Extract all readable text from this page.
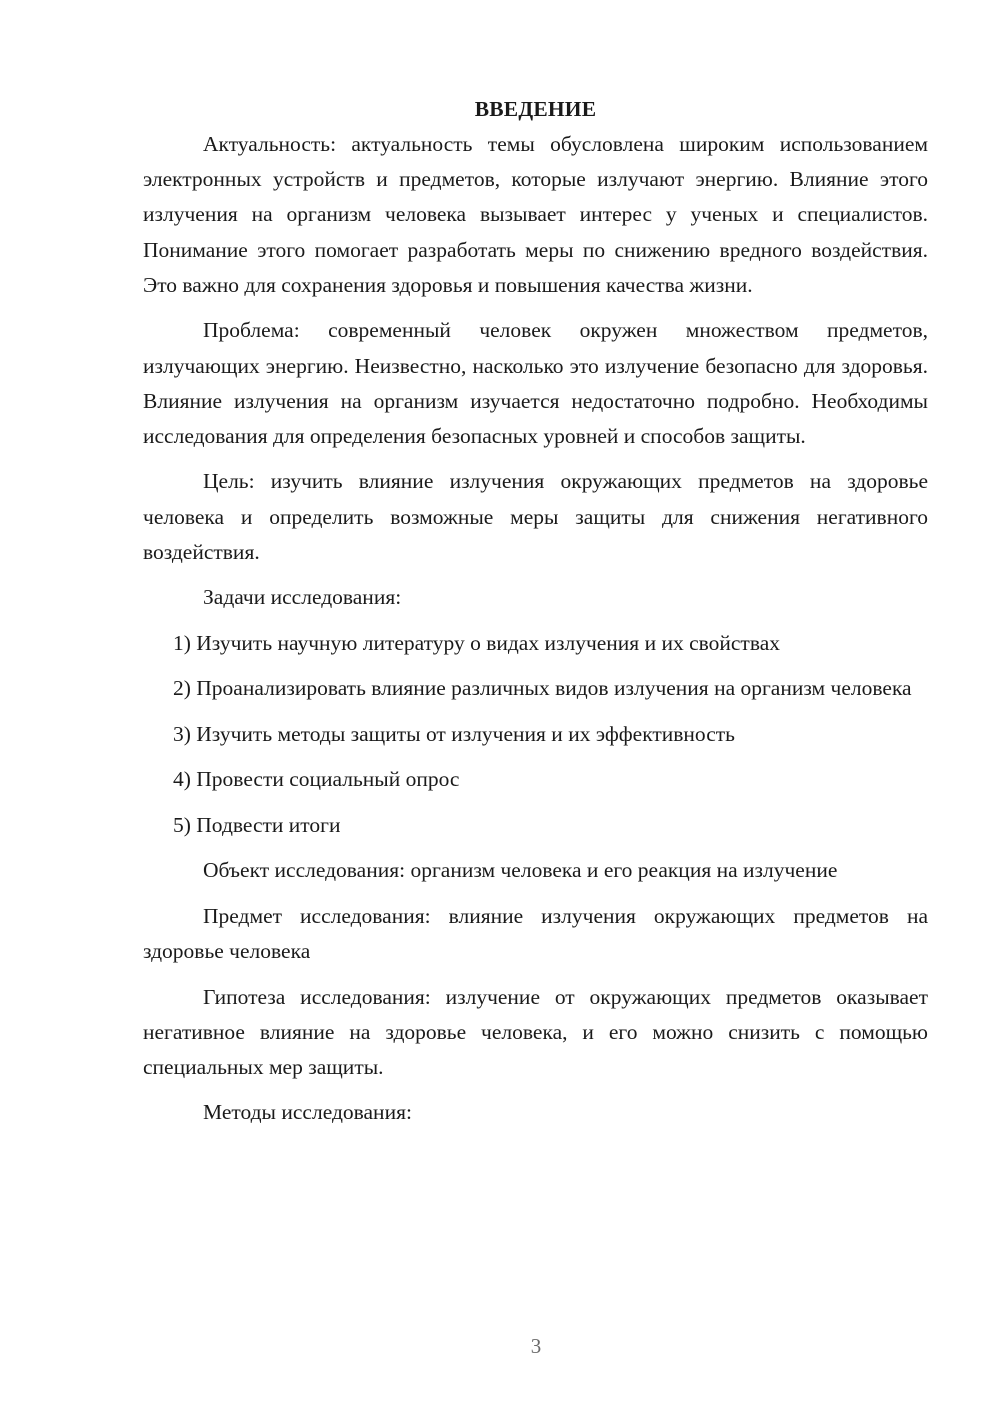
ВВЕДЕНИЕ

Актуальность: актуальность темы обусловлена широким использованием электронных устройств и предметов, которые излучают энергию. Влияние этого излучения на организм человека вызывает интерес у ученых и специалистов. Понимание этого помогает разработать меры по снижению вредного воздействия. Это важно для сохранения здоровья и повышения качества жизни.

Проблема: современный человек окружен множеством предметов, излучающих энергию. Неизвестно, насколько это излучение безопасно для здоровья. Влияние излучения на организм изучается недостаточно подробно. Необходимы исследования для определения безопасных уровней и способов защиты.

Цель: изучить влияние излучения окружающих предметов на здоровье человека и определить возможные меры защиты для снижения негативного воздействия.

Задачи исследования:

1) Изучить научную литературу о видах излучения и их свойствах

2) Проанализировать влияние различных видов излучения на организм человека

3) Изучить методы защиты от излучения и их эффективность

4) Провести социальный опрос

5) Подвести итоги

Объект исследования: организм человека и его реакция на излучение

Предмет исследования: влияние излучения окружающих предметов на здоровье человека

Гипотеза исследования: излучение от окружающих предметов оказывает негативное влияние на здоровье человека, и его можно снизить с помощью специальных мер защиты.

Методы исследования:

3
